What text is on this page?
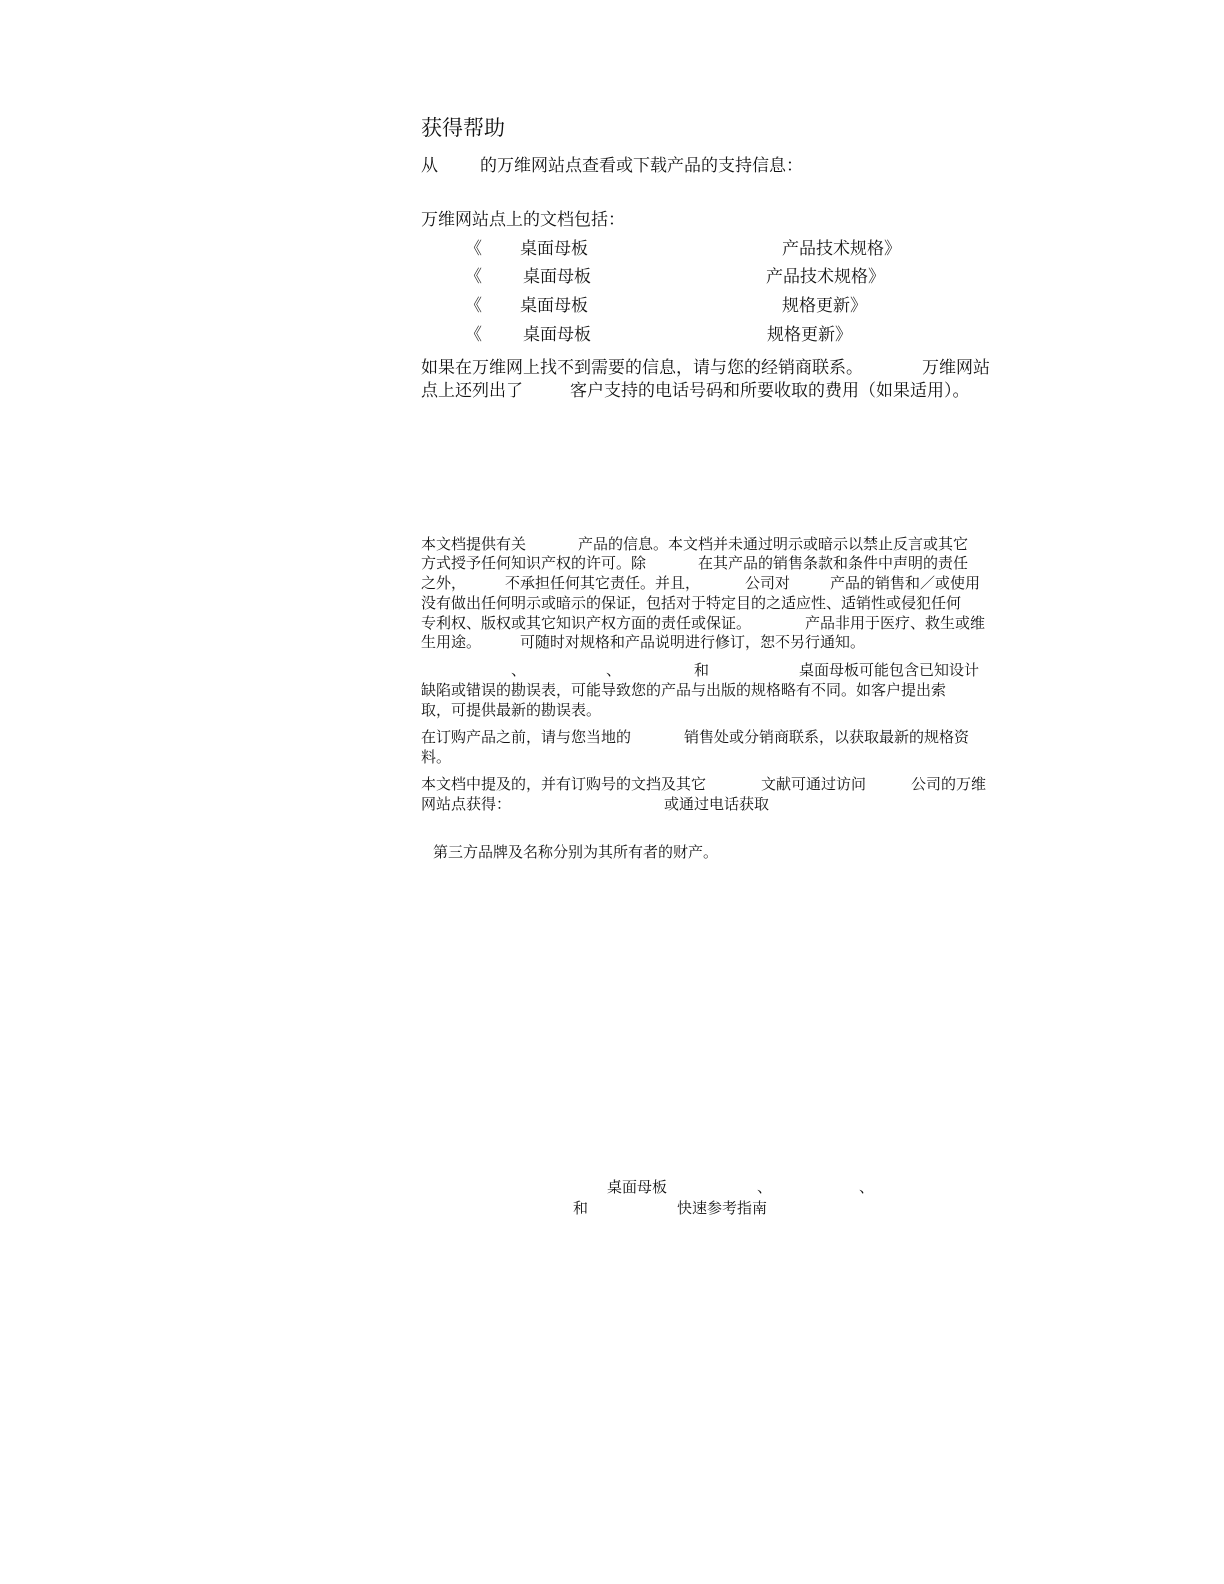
获得帮助
从 的万维网站点查看或下载产品的支持信息：
万维网站点上的文档包括：
《 桌面母板	产品技术规格》
《 桌面母板	产品技术规格》
《 桌面母板	规格更新》
《 桌面母板	规格更新》
如果在万维网上找不到需要的信息，请与您的经销商联系。	万维网站
点上还列出了	客户支持的电话号码和所要收取的费用（如果适用）。
本文档提供有关	产品的信息。本文档并未通过明示或暗示以禁止反言或其它
方式授予任何知识产权的许可。除	在其产品的销售条款和条件中声明的责任
之外，	不承担任何其它责任。并且，	公司对	产品的销售和／或使用
没有做出任何明示或暗示的保证，包括对于特定目的之适应性、适销性或侵犯任何
专利权、版权或其它知识产权方面的责任或保证。	产品非用于医疗、救生或维
生用途。	可随时对规格和产品说明进行修订，恕不另行通知。
、	、	和	桌面母板可能包含已知设计
缺陷或错误的勘误表，可能导致您的产品与出版的规格略有不同。如客户提出索
取，可提供最新的勘误表。
在订购产品之前，请与您当地的	销售处或分销商联系，以获取最新的规格资
料。
本文档中提及的，并有订购号的文挡及其它	文献可通过访问	公司的万维
网站点获得：	或通过电话获取
第三方品牌及名称分别为其所有者的财产。
桌面母板	、	、
和	快速参考指南
